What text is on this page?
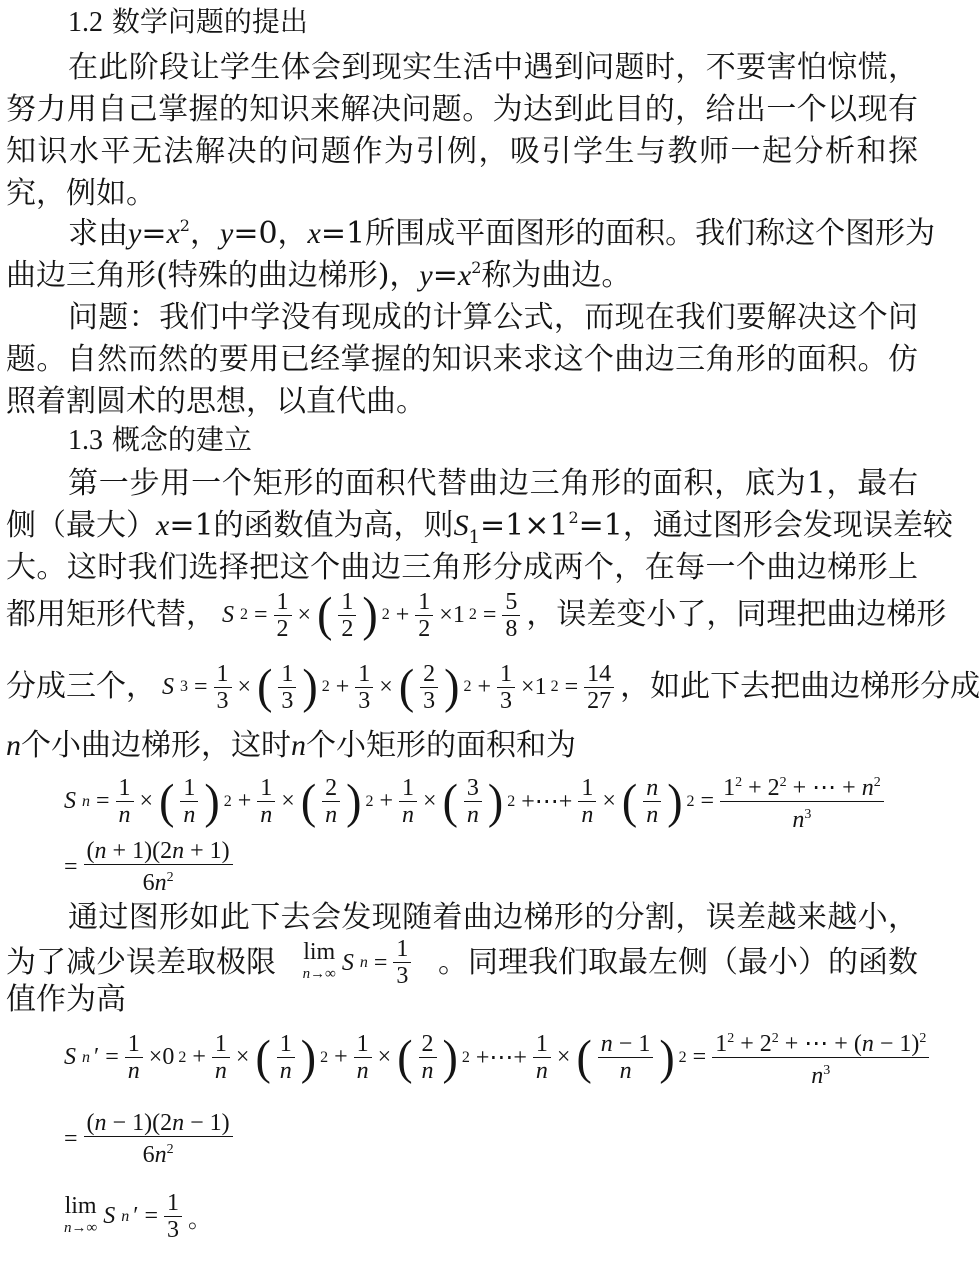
1.2 数学问题的提出
在此阶段让学生体会到现实生活中遇到问题时，不要害怕惊慌，
努力用自己掌握的知识来解决问题。为达到此目的，给出一个以现有
知识水平无法解决的问题作为引例，吸引学生与教师一起分析和探
究，例如。
求由$y=x^2$，y=0，x=1所围成平面图形的面积。我们称这个图形为
曲边三角形(特殊的曲边梯形)，$y=x^2$称为曲边。
问题：我们中学没有现成的计算公式，而现在我们要解决这个问
题。自然而然的要用已经掌握的知识来求这个曲边三角形的面积。仿
照着割圆术的思想，以直代曲。
1.3 概念的建立
第一步用一个矩形的面积代替曲边三角形的面积，底为1，最右
侧（最大）x=1的函数值为高，则$S_1=1\times 1^2=1$，通过图形会发现误差较
大。这时我们选择把这个曲边三角形分成两个，在每一个曲边梯形上
都用矩形代替， S $2 = \frac{1}{2}$ × ( $\frac{1}{2}$ ) $2 + \frac{1}{2} \times 1$ $2 = \frac{5}{8}$ ，误差变小了，同理把曲边梯形
分成三个， S $3 = \frac{1}{3}$ × ( $\frac{1}{3}$ ) $2 + \frac{1}{3}$ × ( $\frac{2}{3}$ ) $2 + \frac{1}{3} \times 1$ $2 = \frac{14}{27}$ ，如此下去把曲边梯形分成
n个小曲边梯形，这时n个小矩形的面积和为
S $n = \frac{1}{n}$ × ( $\frac{1}{n}$ ) $2 + \frac{1}{n}$ × ( $\frac{2}{n}$ ) $2 + \frac{1}{n}$ × ( $\frac{3}{n}$ ) 2 +⋯+ $\frac{1}{n}$ × ( $\frac{n}{n}$ ) $2 = \frac{1^2 + 2^2 + \cdots + n^2}{n^3}$
= $\frac{(n + 1)(2n + 1)}{6n^2}$
通过图形如此下去会发现随着曲边梯形的分割，误差越来越小，
为了减少误差取极限 lim
n→∞ S $n = \frac{1}{3}$ 。同理我们取最左侧（最小）的函数
值作为高
S n ′ = $\frac{1}{n} \times 0$ $2 + \frac{1}{n}$ × ( $\frac{1}{n}$ ) $2 + \frac{1}{n}$ × ( $\frac{2}{n}$ ) 2 +⋯+ $\frac{1}{n}$ × ( $\frac{n - 1}{n}$ ) $2 = \frac{1^2 + 2^2 + \cdots + (n - 1)^2}{n^3}$
= $\frac{(n - 1)(2n - 1)}{6n^2}$
lim
n→∞ S n ′ = $\frac{1}{3}$ 。
